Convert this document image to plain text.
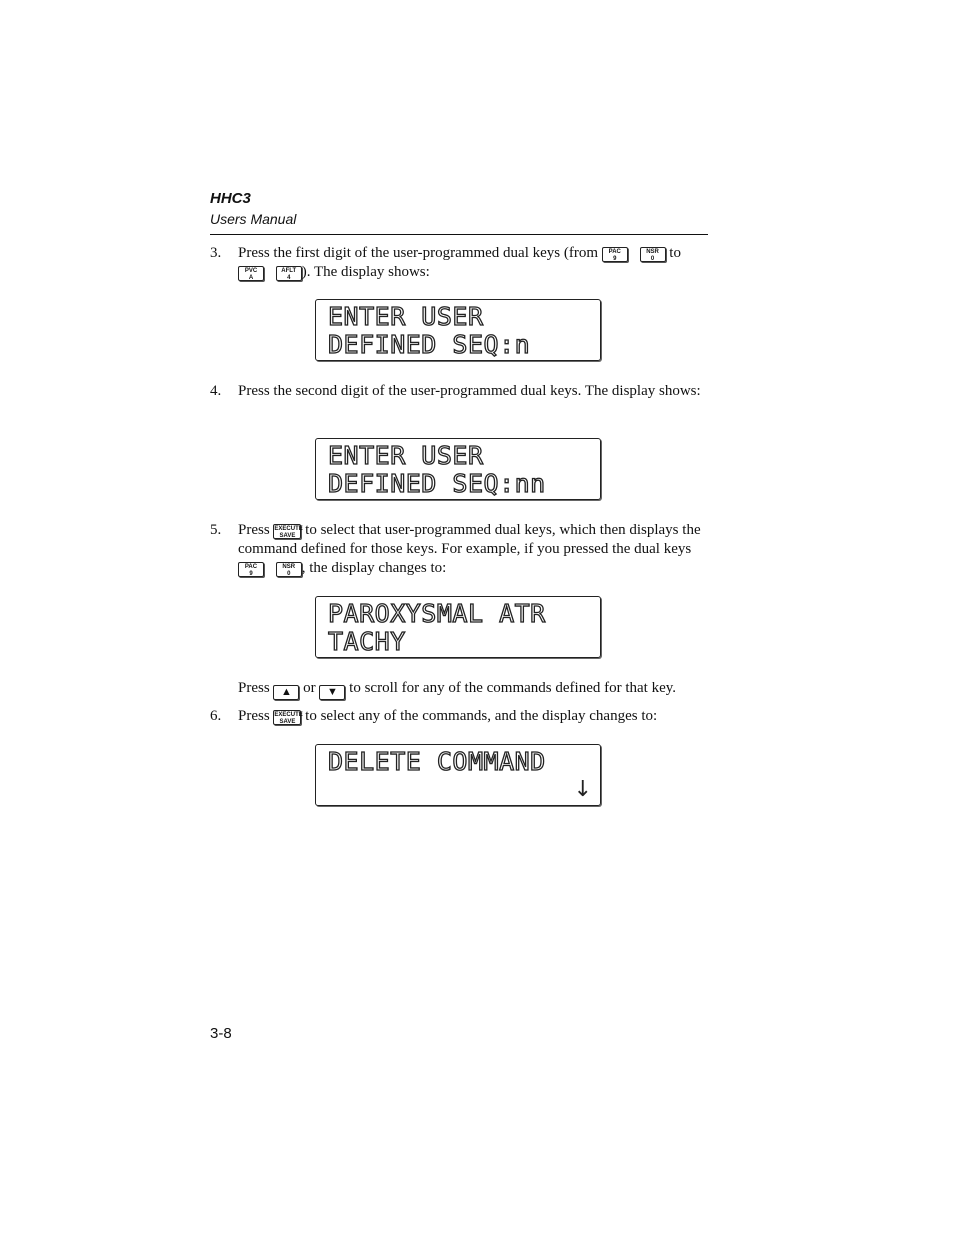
HHC3
Users Manual
3. Press the first digit of the user-programmed dual keys (from	PAC
9

NSR
0	to
PVC
A

AFLT
4 ). The display shows:
ENTER USER
DEFINED SEQ:n
4. Press the second digit of the user-programmed dual keys. The display shows:
ENTER USER
DEFINED SEQ:nn
5. Press EXECUTE
SAVE to select that user-programmed dual keys, which then displays the command defined for those keys. For example, if you pressed the dual keys
PAC
9

NSR
0 , the display changes to:
PAROXYSMAL ATR
TACHY
Press ▲ or ▼ to scroll for any of the commands defined for that key.
6. Press EXECUTE
SAVE to select any of the commands, and the display changes to:
DELETE COMMAND
↓
3-8
